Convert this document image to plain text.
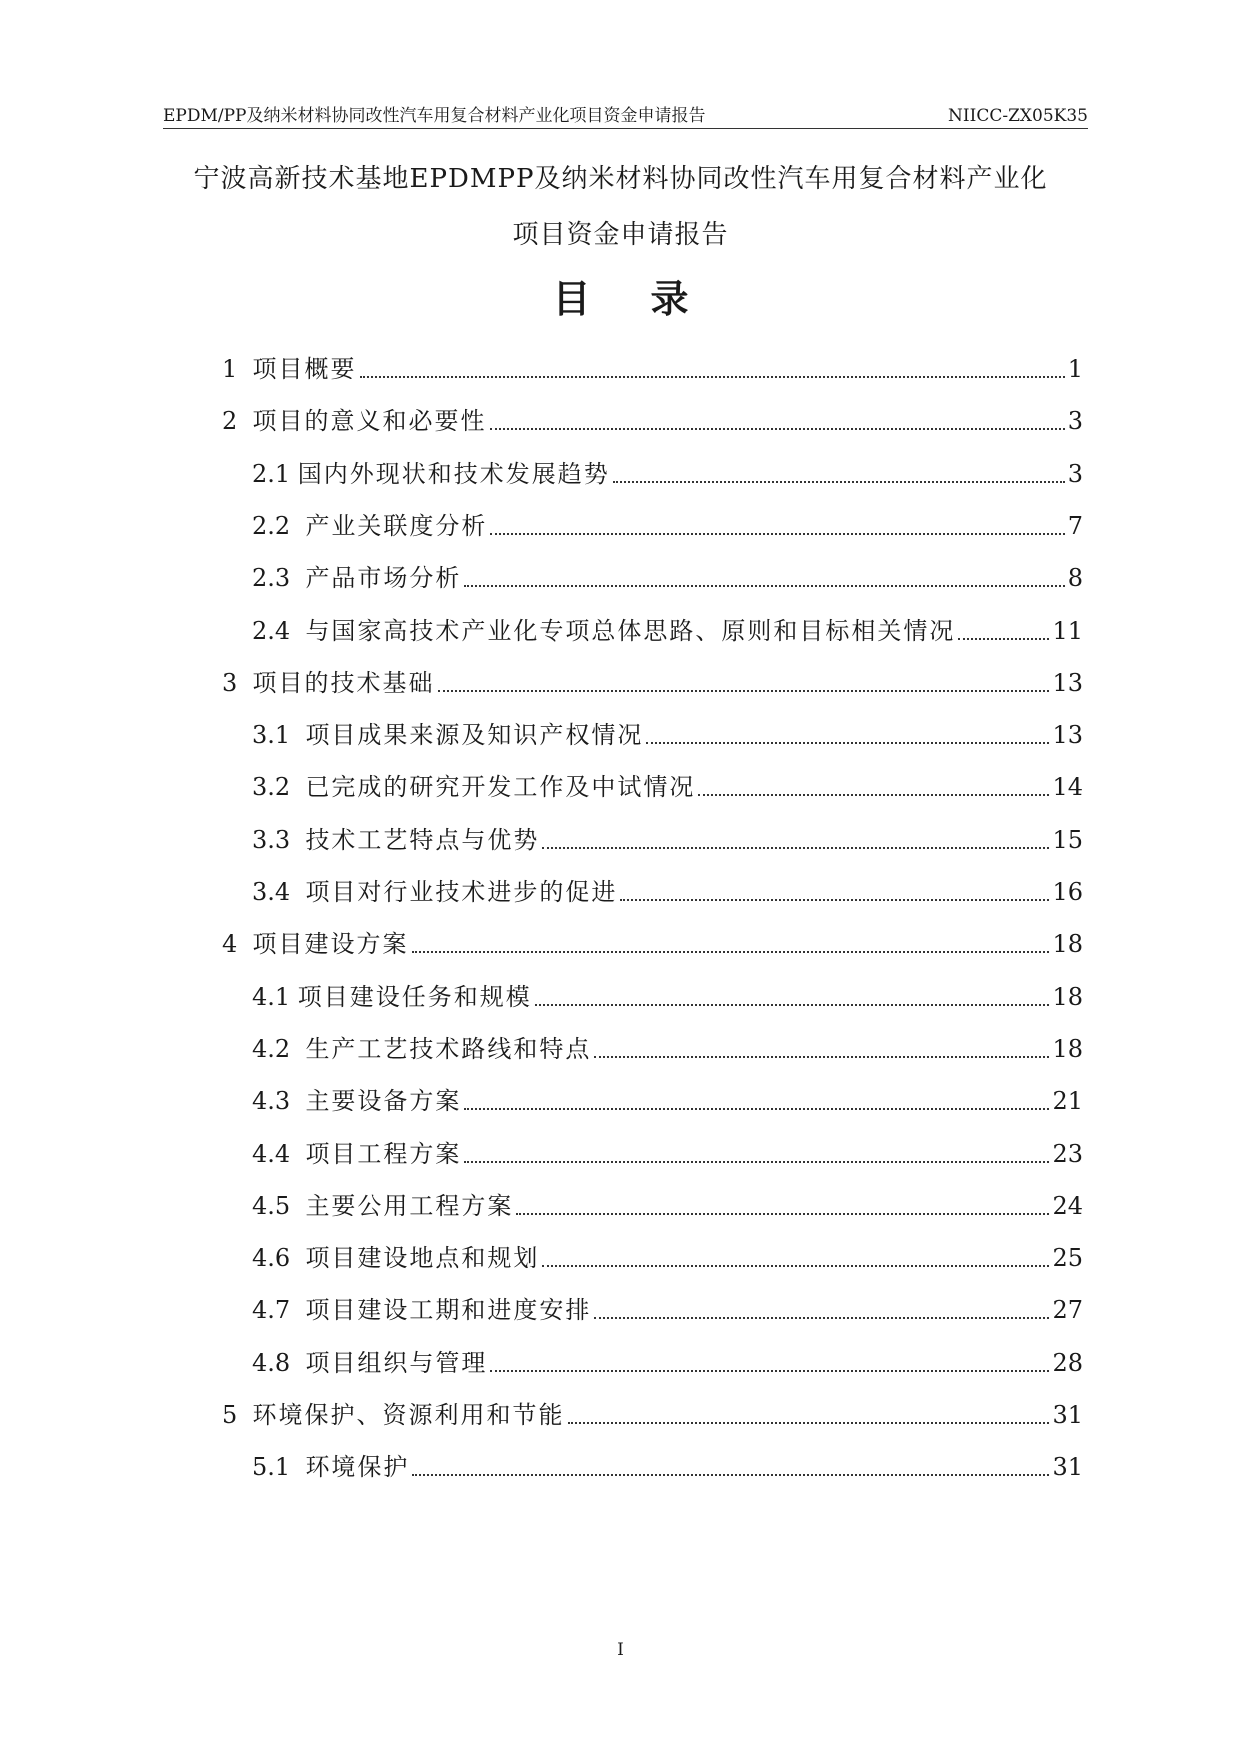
EPDM/PP及纳米材料协同改性汽车用复合材料产业化项目资金申请报告	NIICC-ZX05K35
宁波高新技术基地EPDMPP及纳米材料协同改性汽车用复合材料产业化
项目资金申请报告
目录
1 项目概要	1
2 项目的意义和必要性	3
2.1 国内外现状和技术发展趋势	3
2.2 产业关联度分析	7
2.3 产品市场分析	8
2.4 与国家高技术产业化专项总体思路、原则和目标相关情况	11
3 项目的技术基础	13
3.1 项目成果来源及知识产权情况	13
3.2 已完成的研究开发工作及中试情况	14
3.3 技术工艺特点与优势	15
3.4 项目对行业技术进步的促进	16
4 项目建设方案	18
4.1 项目建设任务和规模	18
4.2 生产工艺技术路线和特点	18
4.3 主要设备方案	21
4.4 项目工程方案	23
4.5 主要公用工程方案	24
4.6 项目建设地点和规划	25
4.7 项目建设工期和进度安排	27
4.8 项目组织与管理	28
5 环境保护、资源利用和节能	31
5.1 环境保护	31
I
